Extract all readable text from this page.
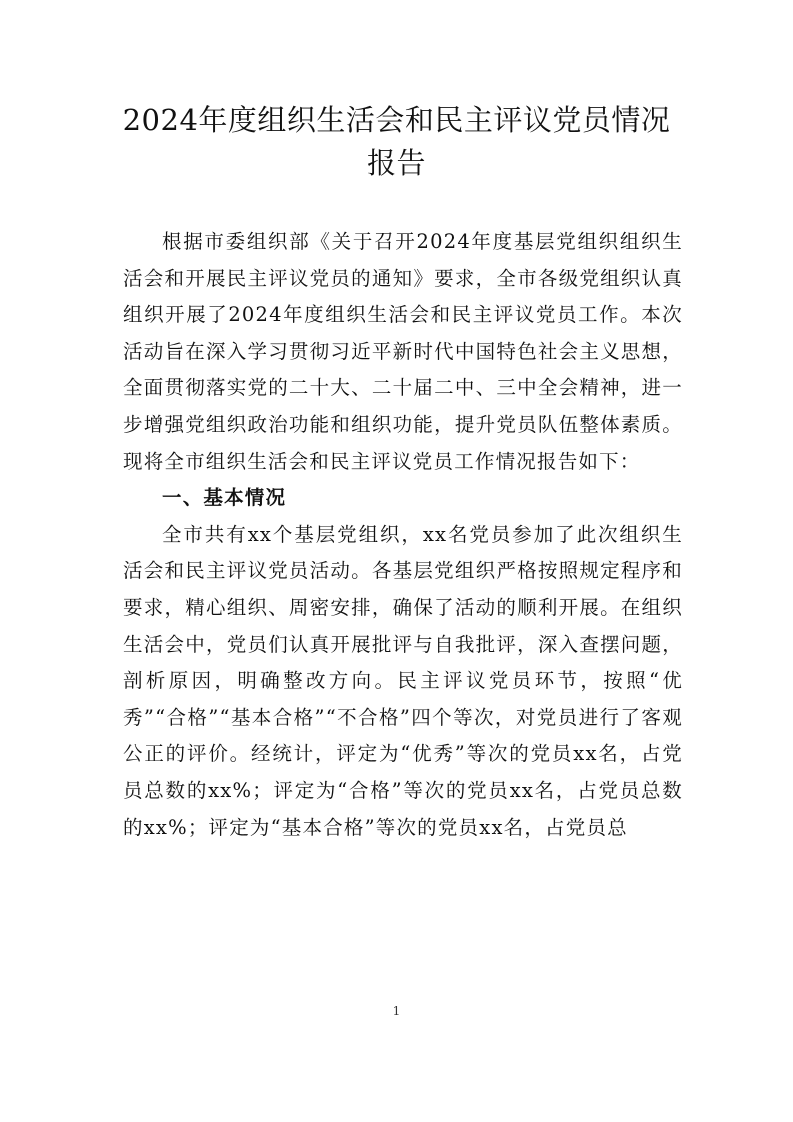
2024年度组织生活会和民主评议党员情况
报告

根据市委组织部《关于召开2024年度基层党组织组织生活会和开展民主评议党员的通知》要求，全市各级党组织认真组织开展了2024年度组织生活会和民主评议党员工作。本次活动旨在深入学习贯彻习近平新时代中国特色社会主义思想，全面贯彻落实党的二十大、二十届二中、三中全会精神，进一步增强党组织政治功能和组织功能，提升党员队伍整体素质。现将全市组织生活会和民主评议党员工作情况报告如下：

一、基本情况

全市共有xx个基层党组织，xx名党员参加了此次组织生活会和民主评议党员活动。各基层党组织严格按照规定程序和要求，精心组织、周密安排，确保了活动的顺利开展。在组织生活会中，党员们认真开展批评与自我批评，深入查摆问题，剖析原因，明确整改方向。民主评议党员环节，按照“优秀”“合格”“基本合格”“不合格”四个等次，对党员进行了客观公正的评价。经统计，评定为“优秀”等次的党员xx名，占党员总数的xx%；评定为“合格”等次的党员xx名，占党员总数的xx%；评定为“基本合格”等次的党员xx名，占党员总

1
